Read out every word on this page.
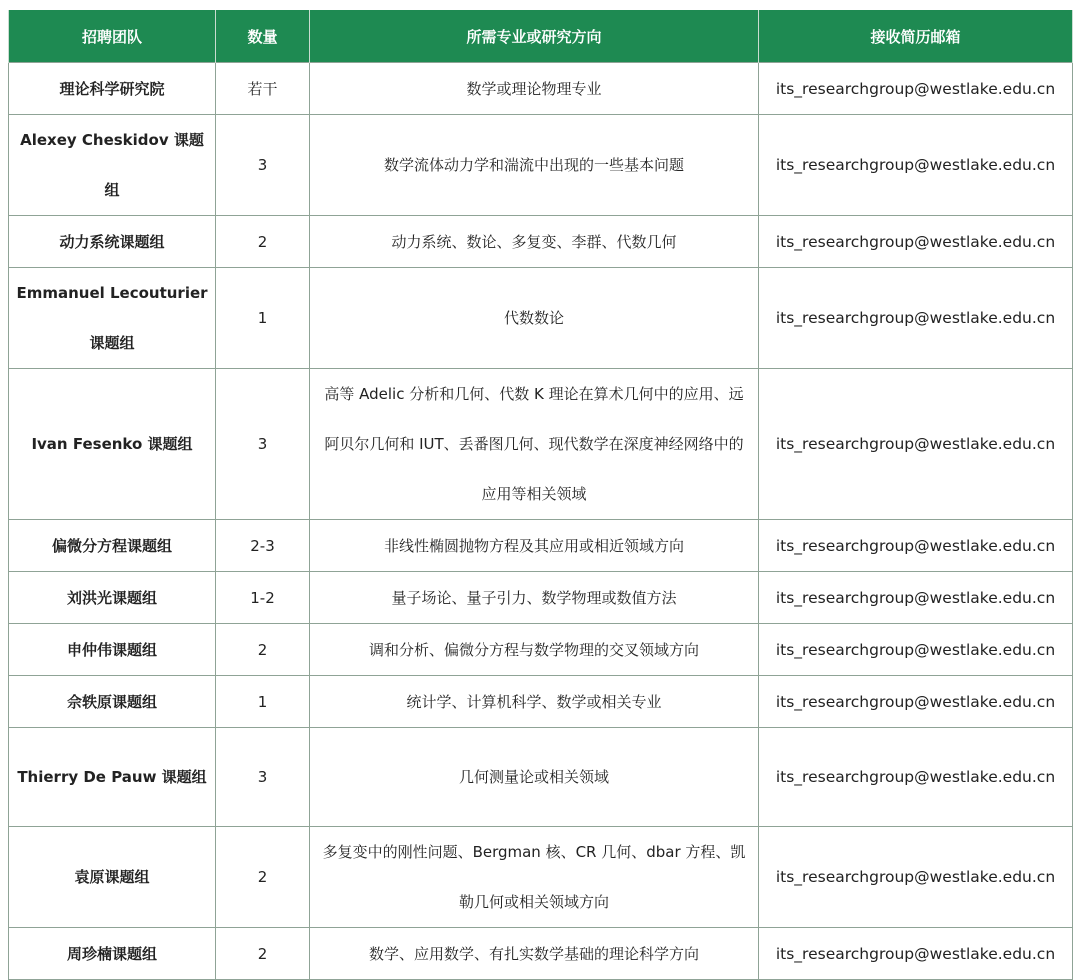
招聘团队	数量	所需专业或研究方向	接收简历邮箱
理论科学研究院	若干	数学或理论物理专业	its_researchgroup@westlake.edu.cn
Alexey Cheskidov 课题组	3	数学流体动力学和湍流中出现的一些基本问题	its_researchgroup@westlake.edu.cn
动力系统课题组	2	动力系统、数论、多复变、李群、代数几何	its_researchgroup@westlake.edu.cn
Emmanuel Lecouturier 课题组	1	代数数论	its_researchgroup@westlake.edu.cn
Ivan Fesenko 课题组	3	高等 Adelic 分析和几何、代数 K 理论在算术几何中的应用、远阿贝尔几何和 IUT、丢番图几何、现代数学在深度神经网络中的应用等相关领域	its_researchgroup@westlake.edu.cn
偏微分方程课题组	2-3	非线性椭圆抛物方程及其应用或相近领域方向	its_researchgroup@westlake.edu.cn
刘洪光课题组	1-2	量子场论、量子引力、数学物理或数值方法	its_researchgroup@westlake.edu.cn
申仲伟课题组	2	调和分析、偏微分方程与数学物理的交叉领域方向	its_researchgroup@westlake.edu.cn
佘轶原课题组	1	统计学、计算机科学、数学或相关专业	its_researchgroup@westlake.edu.cn
Thierry De Pauw 课题组	3	几何测量论或相关领域	its_researchgroup@westlake.edu.cn
袁原课题组	2	多复变中的刚性问题、Bergman 核、CR 几何、dbar 方程、凯勒几何或相关领域方向	its_researchgroup@westlake.edu.cn
周珍楠课题组	2	数学、应用数学、有扎实数学基础的理论科学方向	its_researchgroup@westlake.edu.cn
